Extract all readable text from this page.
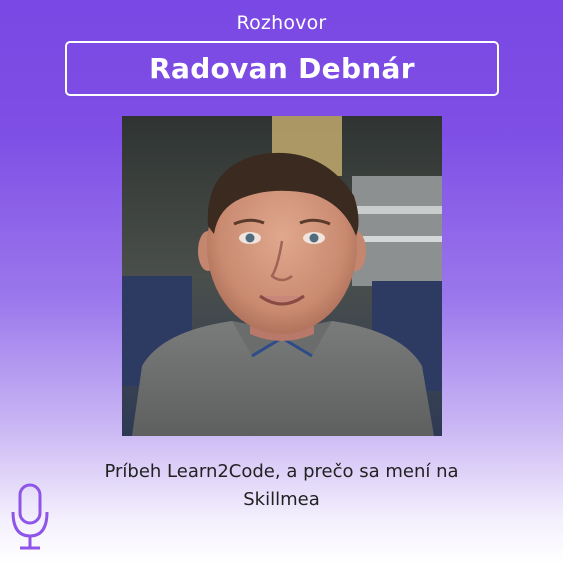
Rozhovor
Radovan Debnár
Príbeh Learn2Code, a prečo sa mení na Skillmea
